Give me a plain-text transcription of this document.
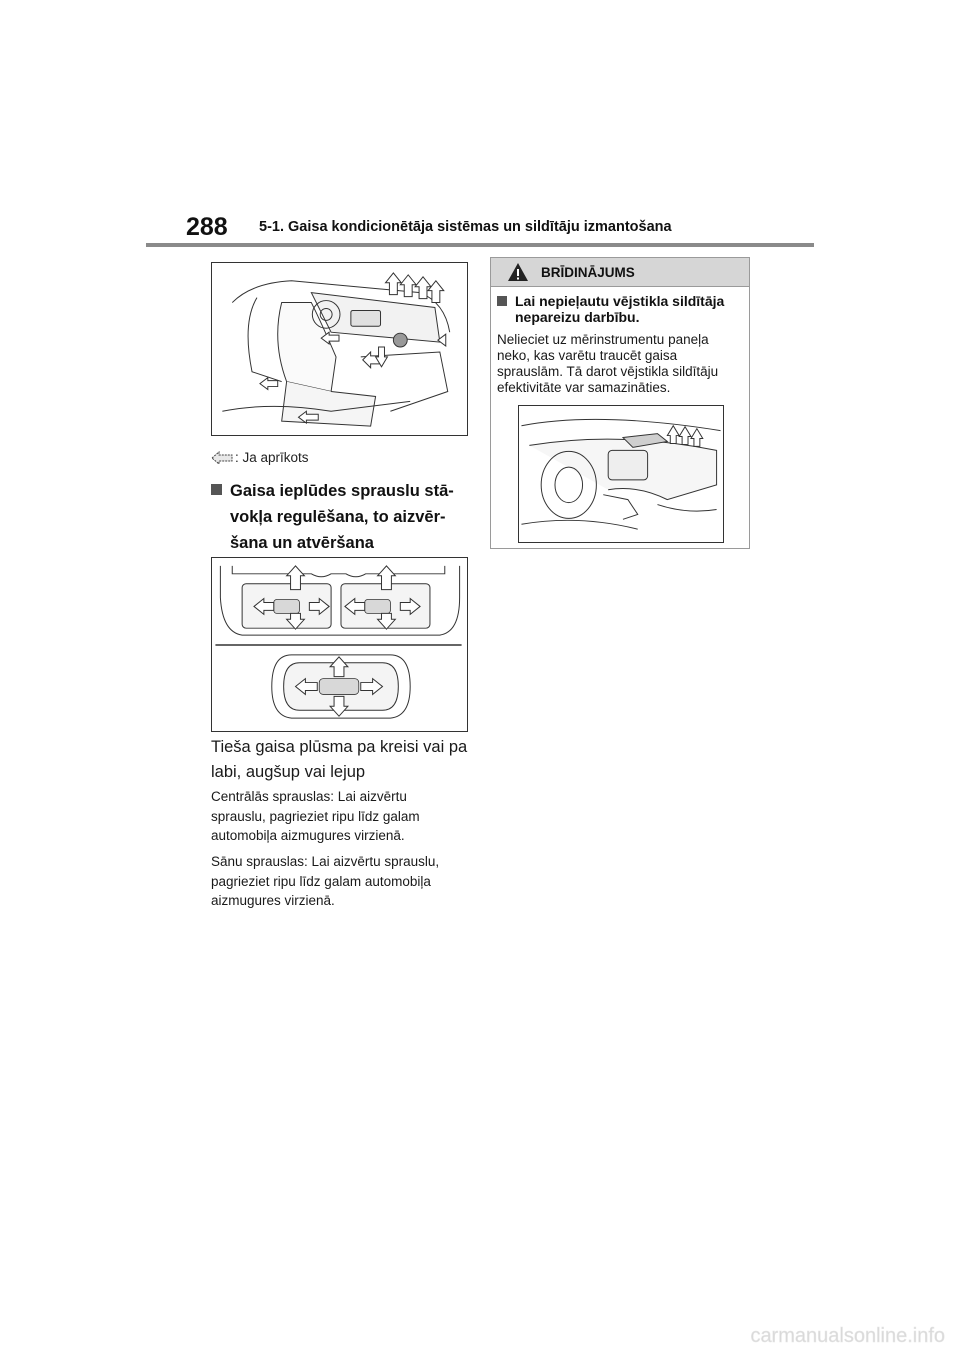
288 5-1. Gaisa kondicionētāja sistēmas un sildītāju izmantošana
: Ja aprīkots
Gaisa ieplūdes sprauslu stā-
vokļa regulēšana, to aizvēr-
šana un atvēršana
Tieša gaisa plūsma pa kreisi vai pa
labi, augšup vai lejup
Centrālās sprauslas: Lai aizvērtu
sprauslu, pagrieziet ripu līdz galam
automobiļa aizmugures virzienā.
Sānu sprauslas: Lai aizvērtu sprauslu,
pagrieziet ripu līdz galam automobiļa
aizmugures virzienā.
BRĪDINĀJUMS
Lai nepieļautu vējstikla sildītāja
nepareizu darbību.
Nelieciet uz mērinstrumentu paneļa
neko, kas varētu traucēt gaisa
sprauslām. Tā darot vējstikla sildītāju
efektivitāte var samazināties.
carmanualsonline.info
